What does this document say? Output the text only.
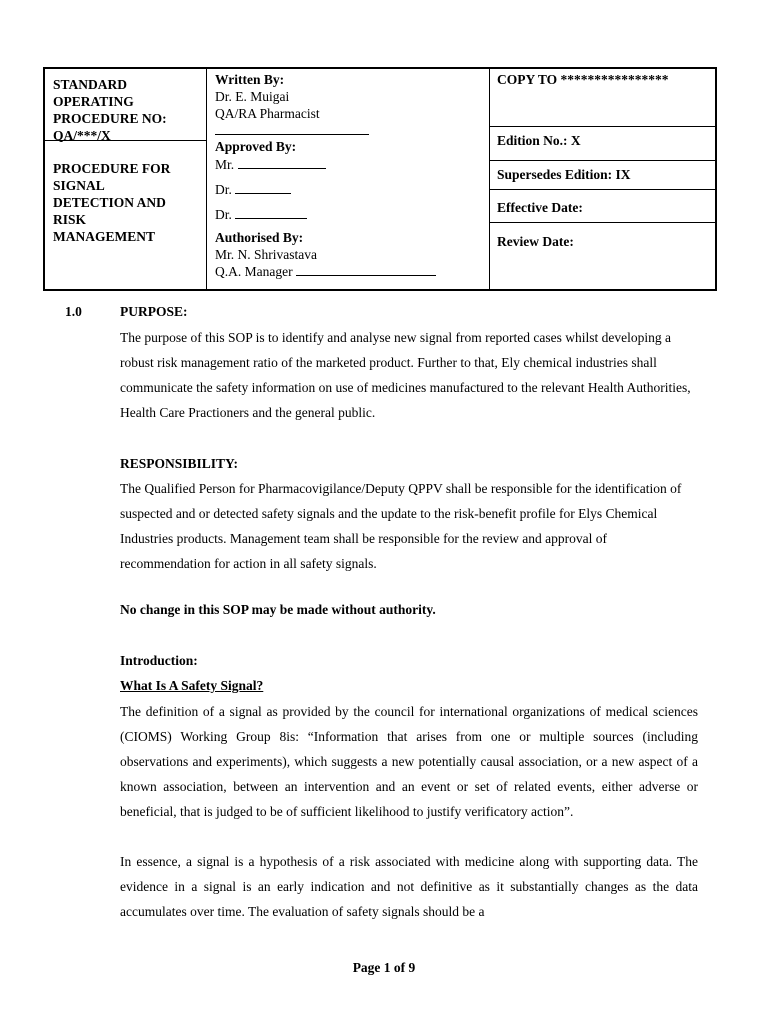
STANDARD
OPERATING
PROCEDURE NO:
QA/***/X
PROCEDURE FOR
SIGNAL
DETECTION AND
RISK
MANAGEMENT
Written By:
Dr. E. Muigai
QA/RA Pharmacist
Approved By:
Mr.
Dr.
Dr.
Authorised By:
Mr. N. Shrivastava
Q.A. Manager
COPY TO ****************
Edition No.: X
Supersedes Edition: IX
Effective Date:
Review Date:
1.0	PURPOSE:

The purpose of this SOP is to identify and analyse new signal from reported cases whilst developing a robust risk management ratio of the marketed product. Further to that, Ely chemical industries shall communicate the safety information on use of medicines manufactured to the relevant Health Authorities, Health Care Practioners and the general public.

RESPONSIBILITY:

The Qualified Person for Pharmacovigilance/Deputy QPPV shall be responsible for the identification of suspected and or detected safety signals and the update to the risk-benefit profile for Elys Chemical Industries products. Management team shall be responsible for the review and approval of recommendation for action in all safety signals.

No change in this SOP may be made without authority.
Introduction:
What Is A Safety Signal?

The definition of a signal as provided by the council for international organizations of medical sciences (CIOMS) Working Group 8is: “Information that arises from one or multiple sources (including observations and experiments), which suggests a new potentially causal association, or a new aspect of a known association, between an intervention and an event or set of related events, either adverse or beneficial, that is judged to be of sufficient likelihood to justify verificatory action”.

In essence, a signal is a hypothesis of a risk associated with medicine along with supporting data. The evidence in a signal is an early indication and not definitive as it substantially changes as the data accumulates over time. The evaluation of safety signals should be a

Page 1 of 9
